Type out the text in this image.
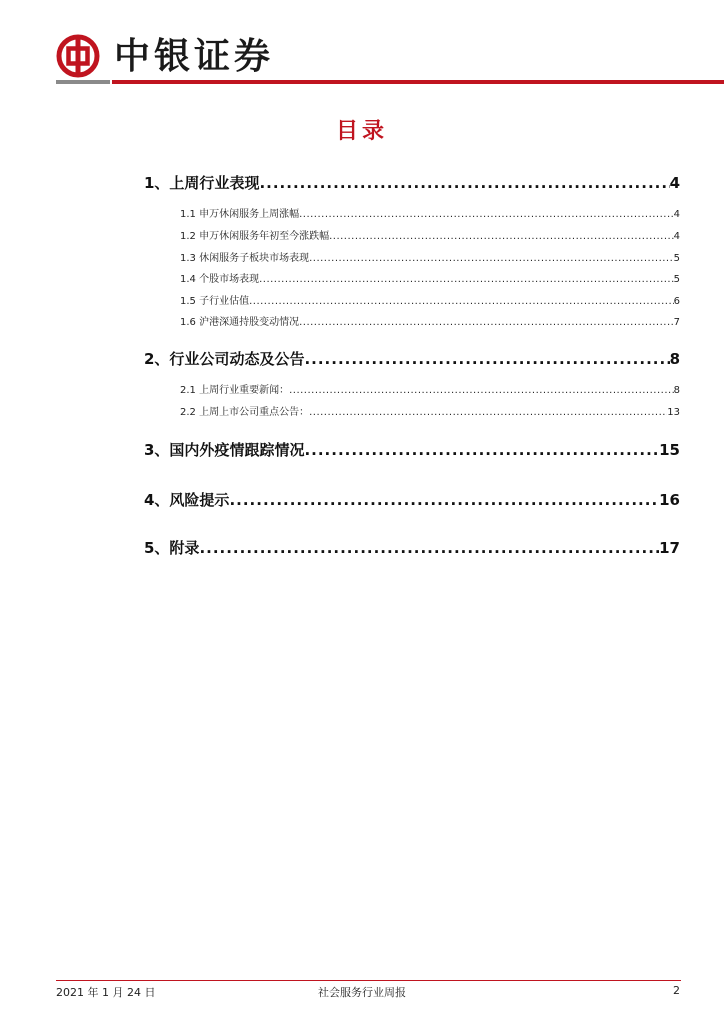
中银证券
目录
1、上周行业表现 .....	4
1.1 申万休闲服务上周涨幅 .....	4
1.2 申万休闲服务年初至今涨跌幅 .....	4
1.3 休闲服务子板块市场表现 .....	5
1.4 个股市场表现 .....	5
1.5 子行业估值 .....	6
1.6 沪港深通持股变动情况 .....	7
2、行业公司动态及公告 .....	8
2.1 上周行业重要新闻： .....	8
2.2 上周上市公司重点公告： .....	13
3、国内外疫情跟踪情况 .....	15
4、风险提示 .....	16
5、附录 .....	17
2021 年 1 月 24 日	社会服务行业周报	2
